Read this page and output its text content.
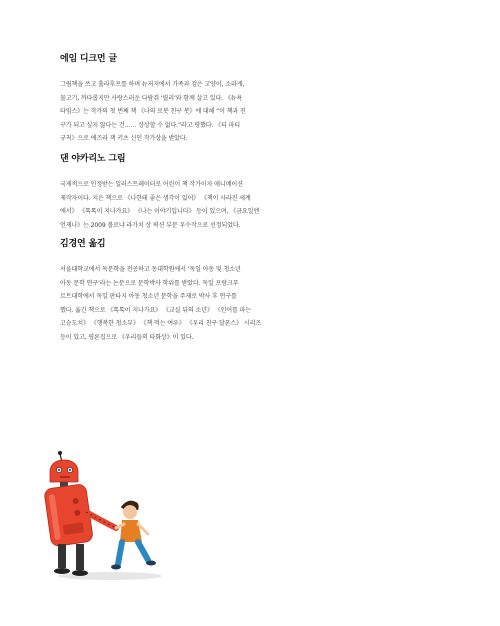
에임 디크먼 글

그림책을 쓰고 훌라후프를 하며 뉴저지에서 가족과 검은 고양이, 소라게,
물고기, 까다롭지만 사랑스러운 다람쥐 ‘릴리’와 함께 살고 있다. 《뉴욕
타임스》는 작가의 첫 번째 책 《나의 로봇 친구 봇》에 대해 “이 책과 친
구가 되고 싶지 않다는 건…… 상상할 수 없다.”라고 평했다. 《티 파티
규칙》으로 에즈라 잭 키츠 신인 작가상을 받았다.

댄 야카리노 그림

국제적으로 인정받는 일러스트레이터로 어린이 책 작가이자 애니메이션
제작자이다. 지은 책으로 《나한테 좋은 생각이 있어》 《책이 사라진 세계
에서》 《톡톡이 지나가요》 《나는 이야기입니다》 등이 있으며, 《금요일엔
언제나》는 2009 볼로냐 라가치 상 픽션 부문 우수작으로 선정되었다.

김경연 옮김

서울대학교에서 독문학을 전공하고 동대학원에서 ‘독일 아동 및 청소년
아동 문학 연구’라는 논문으로 문학박사 학위를 받았다. 독일 프랑크푸
르트대학에서 독일 판타지 아동 청소년 문학을 주제로 박사 후 연구를
했다. 옮긴 책으로 《톡톡이 지나가요》 《교실 뒤의 소년》 《인어를 파는
고슴도치》 《행복한 청소부》 《책 먹는 여우》 《우리 친구 달폰스》 시리즈
등이 있고, 평론집으로 《우리들의 타화상》이 있다.
